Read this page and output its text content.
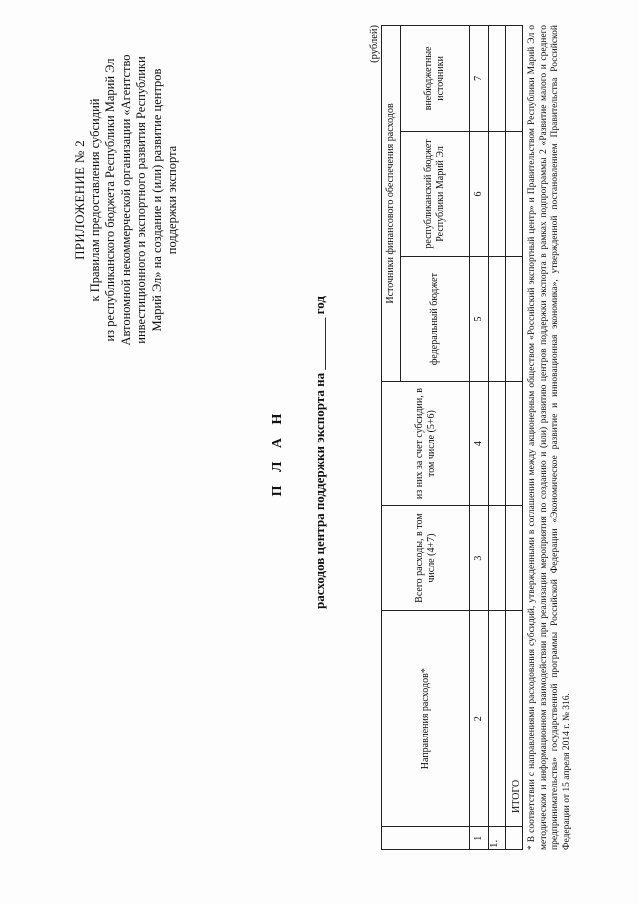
ПРИЛОЖЕНИЕ № 2 к Правилам предоставления субсидий из республиканского бюджета Республики Марий Эл Автономной некоммерческой организации «Агентство инвестиционного и экспортного развития Республики Марий Эл» на создание и (или) развитие центров поддержки экспорта
П Л А Н расходов центра поддержки экспорта на ________ год
(рублей)
	Направления расходов*	Всего расходы, в том числе (4+7)	из них за счет субсидии, в том числе (5+6)	Источники финансового обеспечения расходов		
				федеральный бюджет	республиканский бюджет Республики Марий Эл	внебюджетные источники
1	2	3	4	5	6	7

1.
ИТОГО * В соответствии с направлениями расходования субсидий, утвержденными в соглашении между акционерным обществом «Российский экспортный центр» и Правительством Республики Марий Эл о методическом и информационном взаимодействии при реализации мероприятия по созданию и (или) развитию центров поддержки экспорта в рамках подпрограммы 2 «Развитие малого и среднего предпринимательства» государственной программы Российской Федерации «Экономическое развитие и инновационная экономика», утвержденной постановлением Правительства Российской Федерации от 15 апреля 2014 г. № 316.
